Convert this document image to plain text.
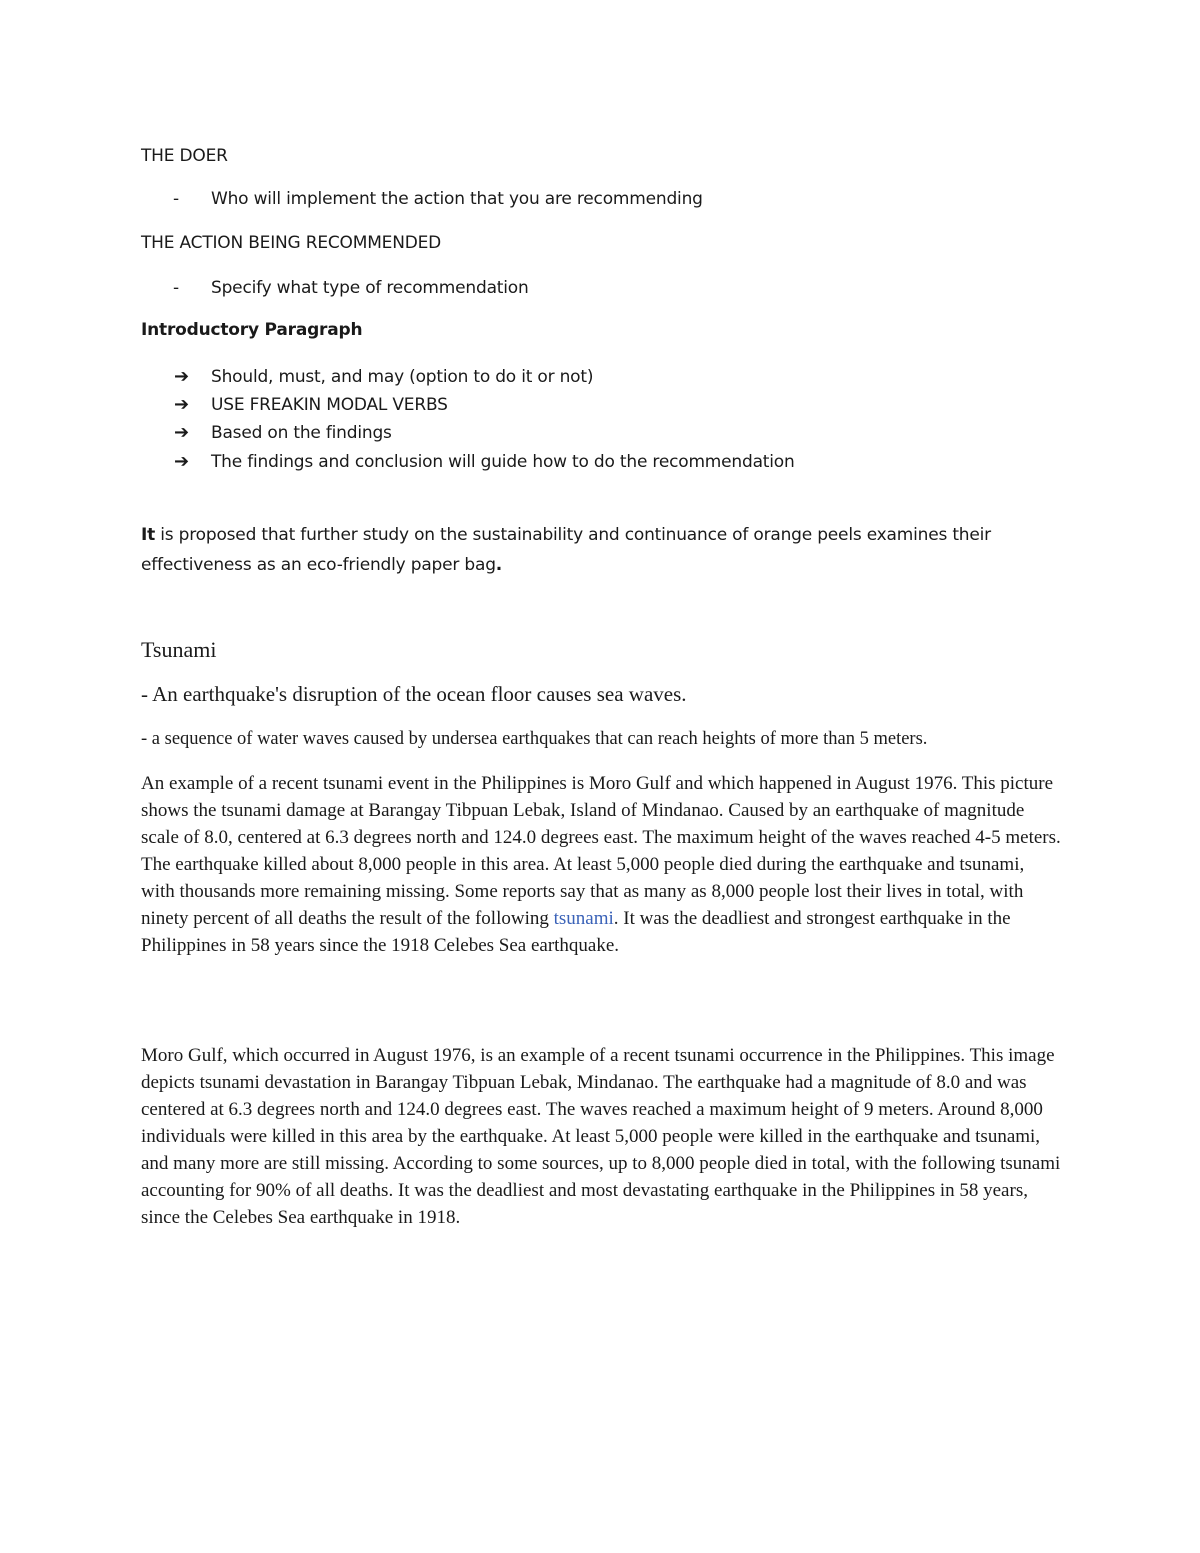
THE DOER
- Who will implement the action that you are recommending
THE ACTION BEING RECOMMENDED
- Specify what type of recommendation
Introductory Paragraph
➔ Should, must, and may (option to do it or not)
➔ USE FREAKIN MODAL VERBS
➔ Based on the findings
➔ The findings and conclusion will guide how to do the recommendation
It is proposed that further study on the sustainability and continuance of orange peels examines their effectiveness as an eco-friendly paper bag.
Tsunami
- An earthquake's disruption of the ocean floor causes sea waves.
- a sequence of water waves caused by undersea earthquakes that can reach heights of more than 5 meters.
An example of a recent tsunami event in the Philippines is Moro Gulf and which happened in August 1976. This picture shows the tsunami damage at Barangay Tibpuan Lebak, Island of Mindanao. Caused by an earthquake of magnitude scale of 8.0, centered at 6.3 degrees north and 124.0 degrees east. The maximum height of the waves reached 4-5 meters. The earthquake killed about 8,000 people in this area. At least 5,000 people died during the earthquake and tsunami, with thousands more remaining missing. Some reports say that as many as 8,000 people lost their lives in total, with ninety percent of all deaths the result of the following tsunami. It was the deadliest and strongest earthquake in the Philippines in 58 years since the 1918 Celebes Sea earthquake.
Moro Gulf, which occurred in August 1976, is an example of a recent tsunami occurrence in the Philippines. This image depicts tsunami devastation in Barangay Tibpuan Lebak, Mindanao. The earthquake had a magnitude of 8.0 and was centered at 6.3 degrees north and 124.0 degrees east. The waves reached a maximum height of 9 meters. Around 8,000 individuals were killed in this area by the earthquake. At least 5,000 people were killed in the earthquake and tsunami, and many more are still missing. According to some sources, up to 8,000 people died in total, with the following tsunami accounting for 90% of all deaths. It was the deadliest and most devastating earthquake in the Philippines in 58 years, since the Celebes Sea earthquake in 1918.
